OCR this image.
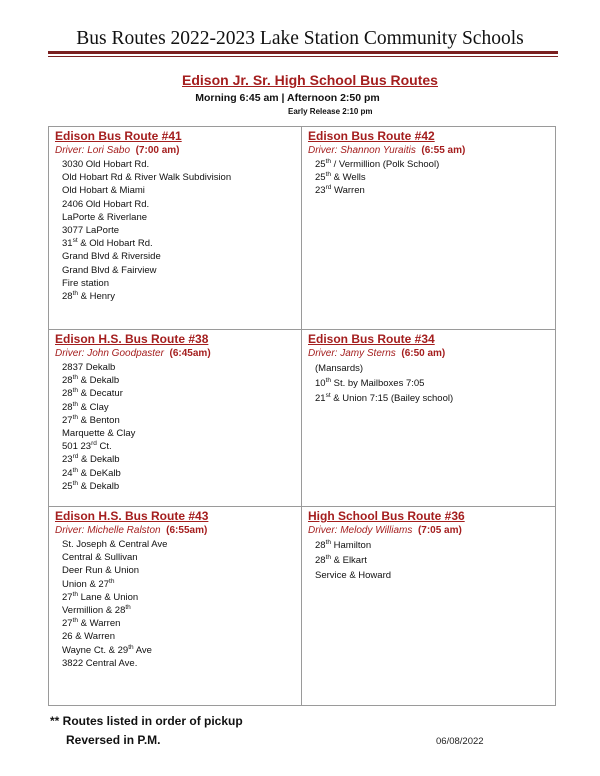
Bus Routes 2022-2023 Lake Station Community Schools
Edison Jr. Sr. High School Bus Routes
Morning 6:45 am | Afternoon 2:50 pm
Early Release 2:10 pm
Edison Bus Route #41
Driver: Lori Sabo (7:00 am)
3030 Old Hobart Rd.
Old Hobart Rd & River Walk Subdivision
Old Hobart & Miami
2406 Old Hobart Rd.
LaPorte & Riverlane
3077 LaPorte
31st & Old Hobart Rd.
Grand Blvd & Riverside
Grand Blvd & Fairview
Fire station
28th & Henry
Edison Bus Route #42
Driver: Shannon Yuraitis (6:55 am)
25th / Vermillion (Polk School)
25th & Wells
23rd Warren
Edison H.S. Bus Route #38
Driver: John Goodpaster (6:45am)
2837 Dekalb
28th & Dekalb
28th & Decatur
28th & Clay
27th & Benton
Marquette & Clay
501 23rd Ct.
23rd & Dekalb
24th & DeKalb
25th & Dekalb
Edison Bus Route #34
Driver: Jamy Sterns (6:50 am)
(Mansards)
10th St. by Mailboxes 7:05
21st & Union 7:15 (Bailey school)
Edison H.S. Bus Route #43
Driver: Michelle Ralston (6:55am)
St. Joseph & Central Ave
Central & Sullivan
Deer Run & Union
Union & 27th
27th Lane & Union
Vermillion & 28th
27th & Warren
26 & Warren
Wayne Ct. & 29th Ave
3822 Central Ave.
High School Bus Route #36
Driver: Melody Williams (7:05 am)
28th Hamilton
28th & Elkart
Service & Howard
** Routes listed in order of pickup
Reversed in P.M.	06/08/2022
